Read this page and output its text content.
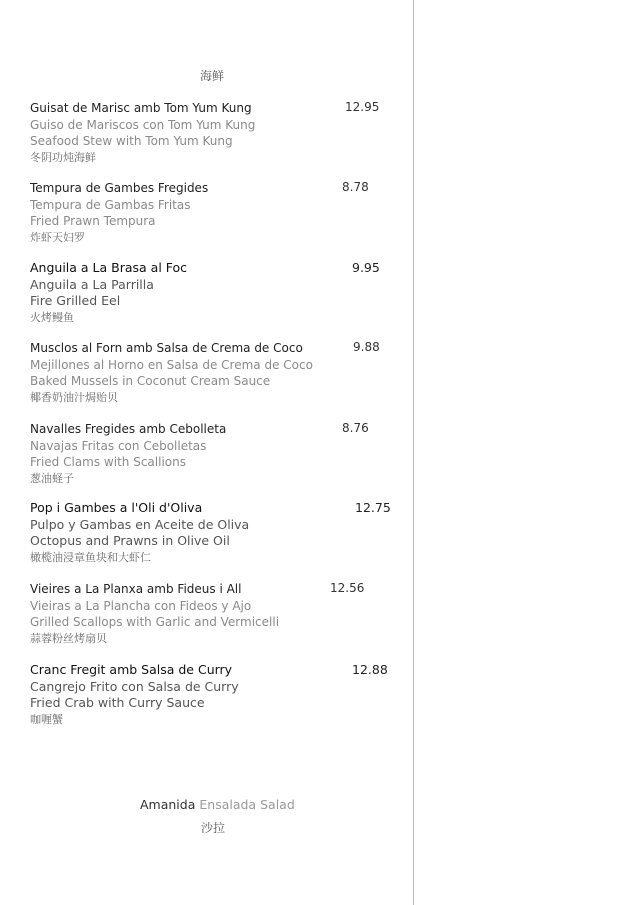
海鲜
Guisat de Marisc amb Tom Yum Kung
Guiso de Mariscos con Tom Yum Kung
Seafood Stew with Tom Yum Kung
冬阴功炖海鲜
12.95
Tempura de Gambes Fregides
Tempura de Gambas Fritas
Fried Prawn Tempura
炸虾天妇罗
8.78
Anguila a La Brasa al Foc
Anguila a La Parrilla
Fire Grilled Eel
火烤鳗鱼
9.95
Musclos al Forn amb Salsa de Crema de Coco
Mejillones al Horno en Salsa de Crema de Coco
Baked Mussels in Coconut Cream Sauce
椰香奶油汁焗贻贝
9.88
Navalles Fregides amb Cebolleta
Navajas Fritas con Cebolletas
Fried Clams with Scallions
葱油蛏子
8.76
Pop i Gambes a l'Oli d'Oliva
Pulpo y Gambas en Aceite de Oliva
Octopus and Prawns in Olive Oil
橄榄油浸章鱼块和大虾仁
12.75
Vieires a La Planxa amb Fideus i All
Vieiras a La Plancha con Fideos y Ajo
Grilled Scallops with Garlic and Vermicelli
蒜蓉粉丝烤扇贝
12.56
Cranc Fregit amb Salsa de Curry
Cangrejo Frito con Salsa de Curry
Fried Crab with Curry Sauce
咖喱蟹
12.88
Amanida Ensalada Salad
沙拉
